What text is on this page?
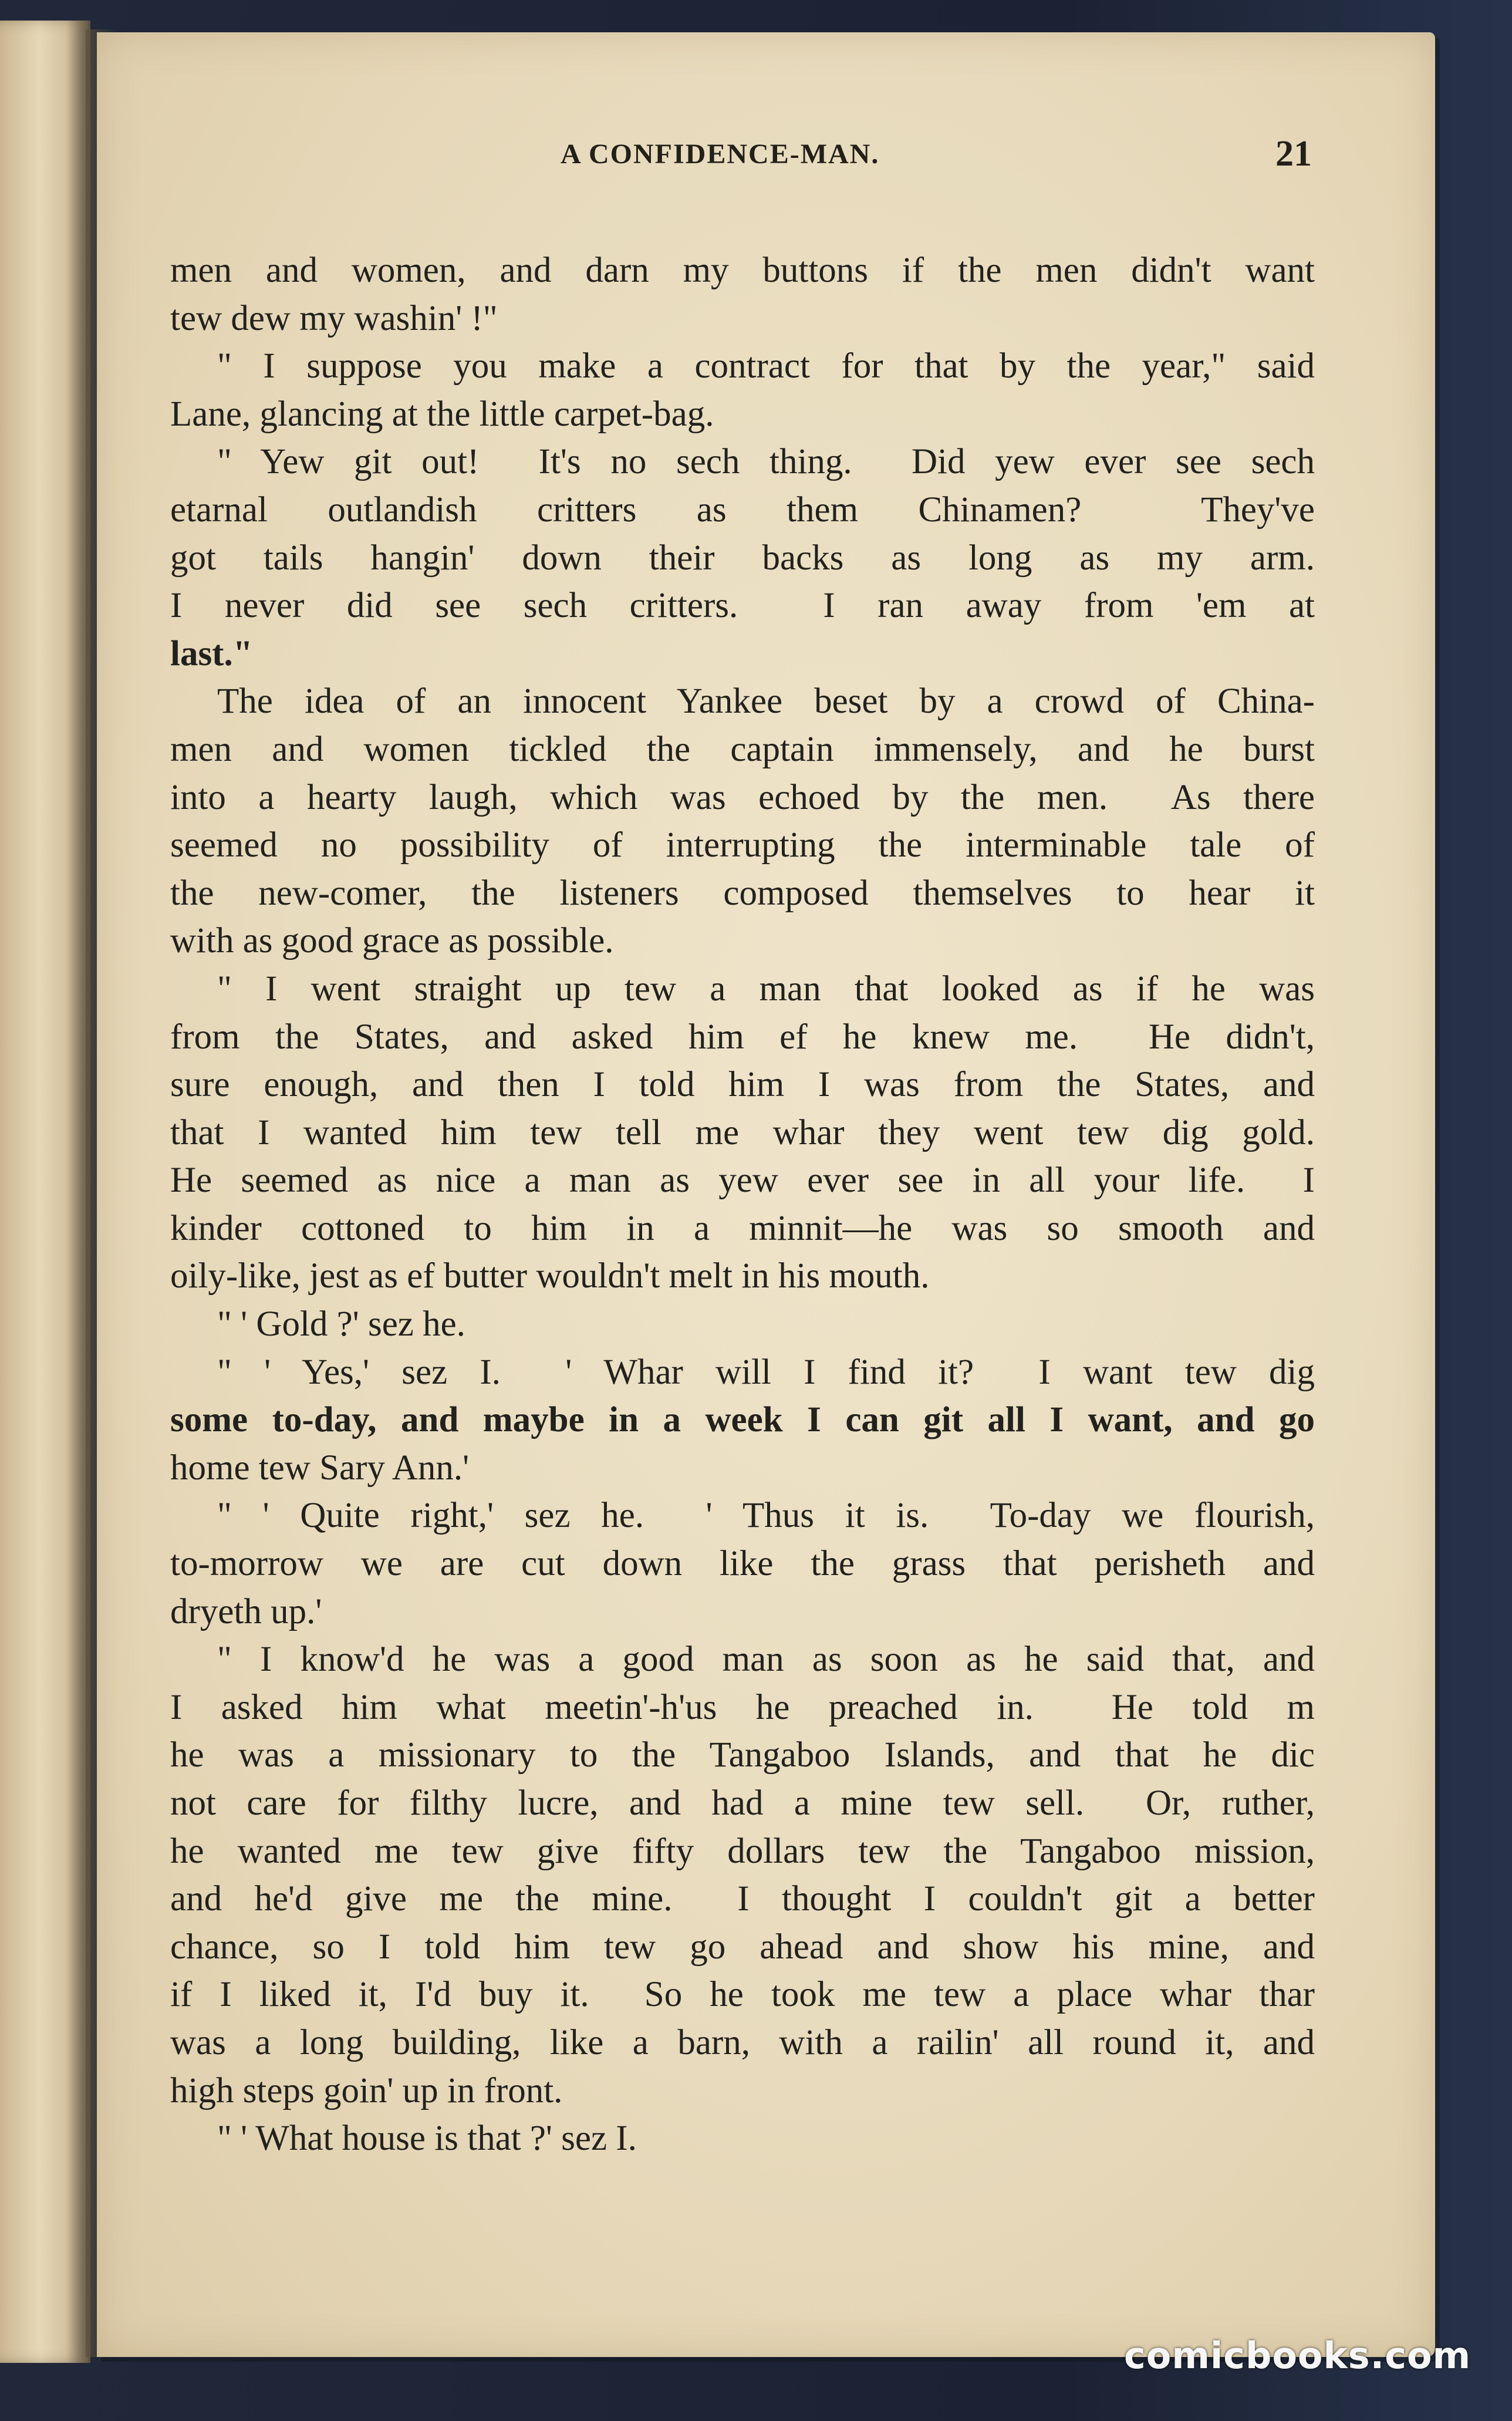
A CONFIDENCE-MAN.	21
men and women, and darn my buttons if the men didn't want
tew dew my washin' !"
" I suppose you make a contract for that by the year," said
Lane, glancing at the little carpet-bag.
" Yew git out!  It's no sech thing.  Did yew ever see sech
etarnal outlandish critters as them Chinamen?  They've
got tails hangin' down their backs as long as my arm.
I never did see sech critters.  I ran away from 'em at
last."
The idea of an innocent Yankee beset by a crowd of China-
men and women tickled the captain immensely, and he burst
into a hearty laugh, which was echoed by the men.  As there
seemed no possibility of interrupting the interminable tale of
the new-comer, the listeners composed themselves to hear it
with as good grace as possible.
" I went straight up tew a man that looked as if he was
from the States, and asked him ef he knew me.  He didn't,
sure enough, and then I told him I was from the States, and
that I wanted him tew tell me whar they went tew dig gold.
He seemed as nice a man as yew ever see in all your life.  I
kinder cottoned to him in a minnit—he was so smooth and
oily-like, jest as ef butter wouldn't melt in his mouth.
" ' Gold ?' sez he.
" ' Yes,' sez I.  ' Whar will I find it?  I want tew dig
some to-day, and maybe in a week I can git all I want, and go
home tew Sary Ann.'
" ' Quite right,' sez he.  ' Thus it is.  To-day we flourish,
to-morrow we are cut down like the grass that perisheth and
dryeth up.'
" I know'd he was a good man as soon as he said that, and
I asked him what meetin'-h'us he preached in.  He told m
he was a missionary to the Tangaboo Islands, and that he dic
not care for filthy lucre, and had a mine tew sell.  Or, ruther,
he wanted me tew give fifty dollars tew the Tangaboo mission,
and he'd give me the mine.  I thought I couldn't git a better
chance, so I told him tew go ahead and show his mine, and
if I liked it, I'd buy it.  So he took me tew a place whar thar
was a long building, like a barn, with a railin' all round it, and
high steps goin' up in front.
" ' What house is that ?' sez I.
comicbooks.com
